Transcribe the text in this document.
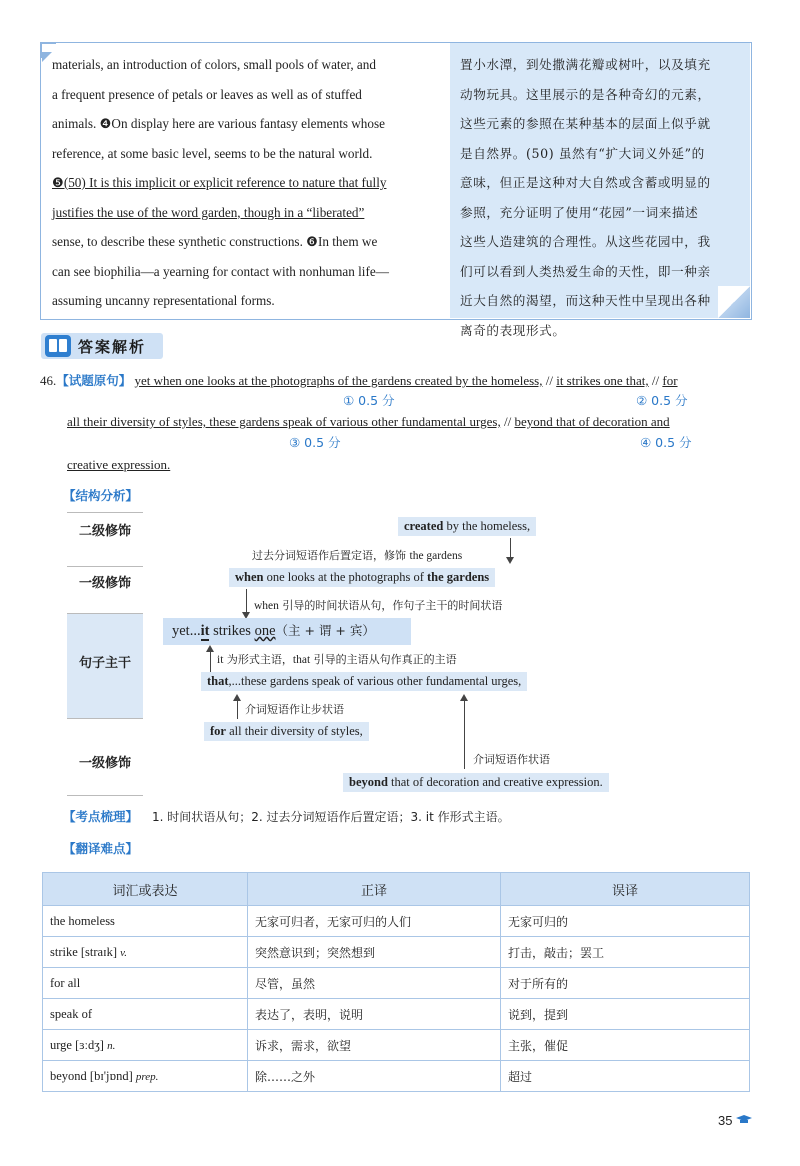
materials, an introduction of colors, small pools of water, and
a frequent presence of petals or leaves as well as of stuffed
animals. ❹On display here are various fantasy elements whose
reference, at some basic level, seems to be the natural world.
❺(50) It is this implicit or explicit reference to nature that fully
justifies the use of the word garden, though in a “liberated”
sense, to describe these synthetic constructions. ❻In them we
can see biophilia—a yearning for contact with nonhuman life—
assuming uncanny representational forms.
置小水潭，到处撒满花瓣或树叶，以及填充
动物玩具。这里展示的是各种奇幻的元素，
这些元素的参照在某种基本的层面上似乎就
是自然界。(50) 虽然有“扩大词义外延”的
意味，但正是这种对大自然或含蓄或明显的
参照，充分证明了使用“花园”一词来描述
这些人造建筑的合理性。从这些花园中，我
们可以看到人类热爱生命的天性，即一种亲
近大自然的渴望，而这种天性中呈现出各种
离奇的表现形式。
答案解析
46.【试题原句】 yet when one looks at the photographs of the gardens created by the homeless, // it strikes one that, // for
① 0.5 分	② 0.5 分
all their diversity of styles, these gardens speak of various other fundamental urges, // beyond that of decoration and
③ 0.5 分	④ 0.5 分
creative expression.
【结构分析】
二级修饰
一级修饰
句子主干
一级修饰
created by the homeless,
过去分词短语作后置定语，修饰 the gardens
when one looks at the photographs of the gardens
when 引导的时间状语从句，作句子主干的时间状语
yet...it strikes one（主 + 谓 + 宾）
it 为形式主语，that 引导的主语从句作真正的主语
that,...these gardens speak of various other fundamental urges,
介词短语作让步状语
for all their diversity of styles,
介词短语作状语
beyond that of decoration and creative expression.
【考点梳理】 1. 时间状语从句；2. 过去分词短语作后置定语；3. it 作形式主语。
【翻译难点】
词汇或表达	正译	误译
the homeless	无家可归者，无家可归的人们	无家可归的
strike [straɪk] v.	突然意识到；突然想到	打击，敲击；罢工
for all	尽管，虽然	对于所有的
speak of	表达了，表明，说明	说到，提到
urge [ɜːdʒ] n.	诉求，需求，欲望	主张，催促
beyond [bɪ'jɒnd] prep.	除……之外	超过
35
